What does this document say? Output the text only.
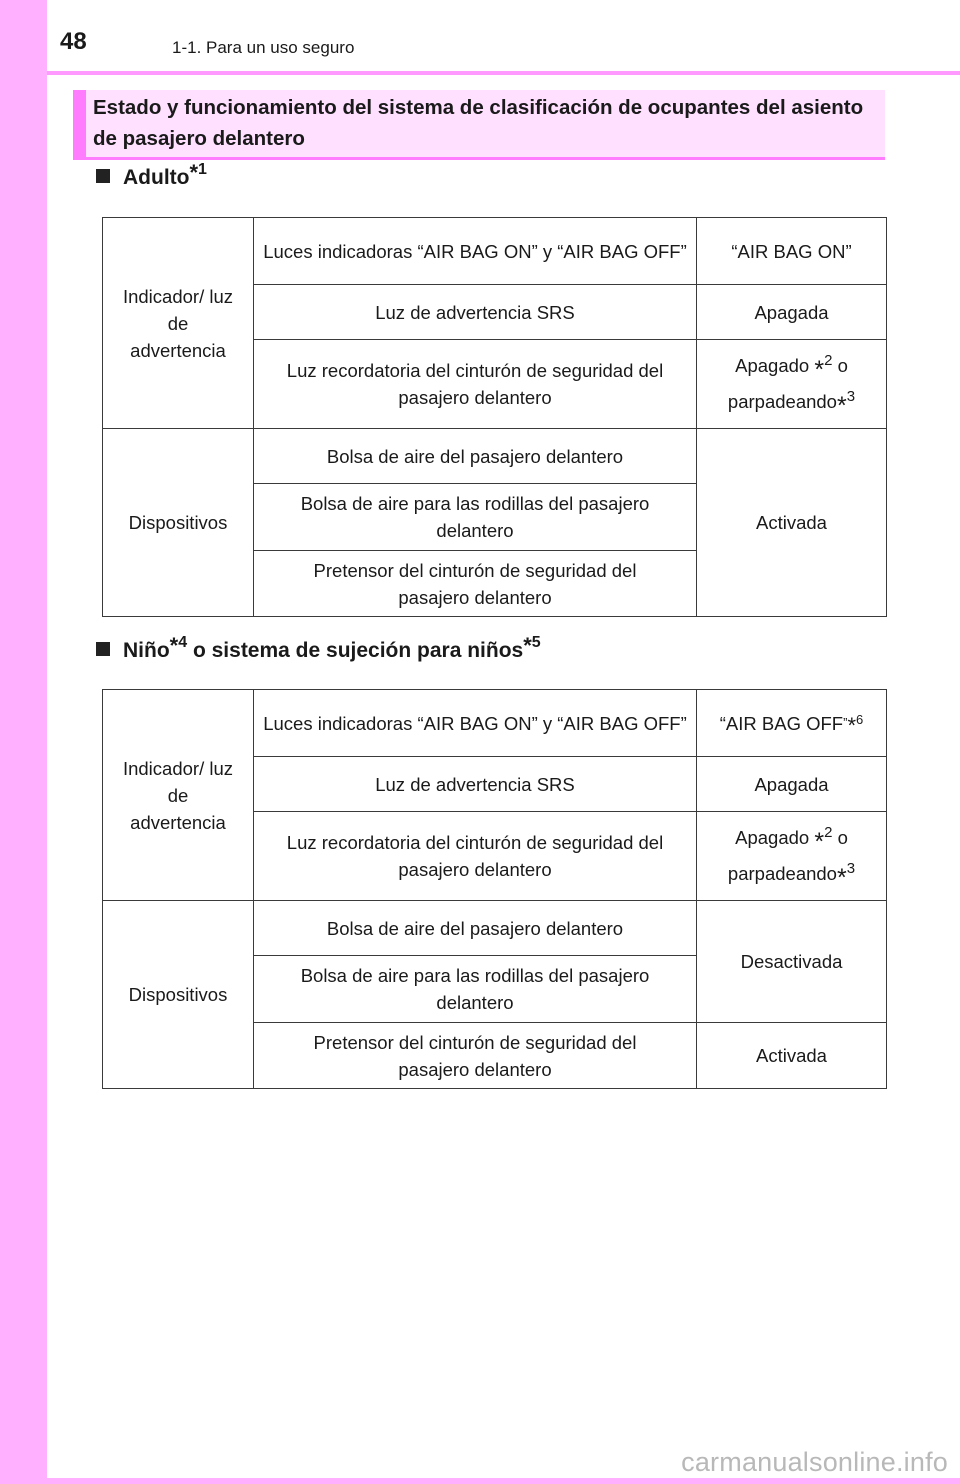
48	1-1. Para un uso seguro
Estado y funcionamiento del sistema de clasificación de ocupantes del asiento de pasajero delantero
Adulto$^{*1}$
Indicador/ luz de advertencia	Luces indicadoras “AIR BAG ON” y “AIR BAG OFF”	“AIR BAG ON”
	Luz de advertencia SRS	Apagada
	Luz recordatoria del cinturón de seguridad del pasajero delantero	Apagado *$^2$ o
parpadeando*$^3$

Dispositivos	Bolsa de aire del pasajero delantero	Activada
	Bolsa de aire para las rodillas del pasajero delantero	

	Pretensor del cinturón de seguridad del pasajero delantero	
Niño$^{*4}$ o sistema de sujeción para niños$^{*5}$
Indicador/ luz de advertencia	Luces indicadoras “AIR BAG ON” y “AIR BAG OFF”	“AIR BAG OFF”*$^6$
	Luz de advertencia SRS	Apagada
	Luz recordatoria del cinturón de seguridad del pasajero delantero	Apagado *$^2$ o
parpadeando*$^3$

Dispositivos	Bolsa de aire del pasajero delantero	Desactivada
	Bolsa de aire para las rodillas del pasajero delantero	

	Pretensor del cinturón de seguridad del pasajero delantero	Activada
carmanualsonline.info
